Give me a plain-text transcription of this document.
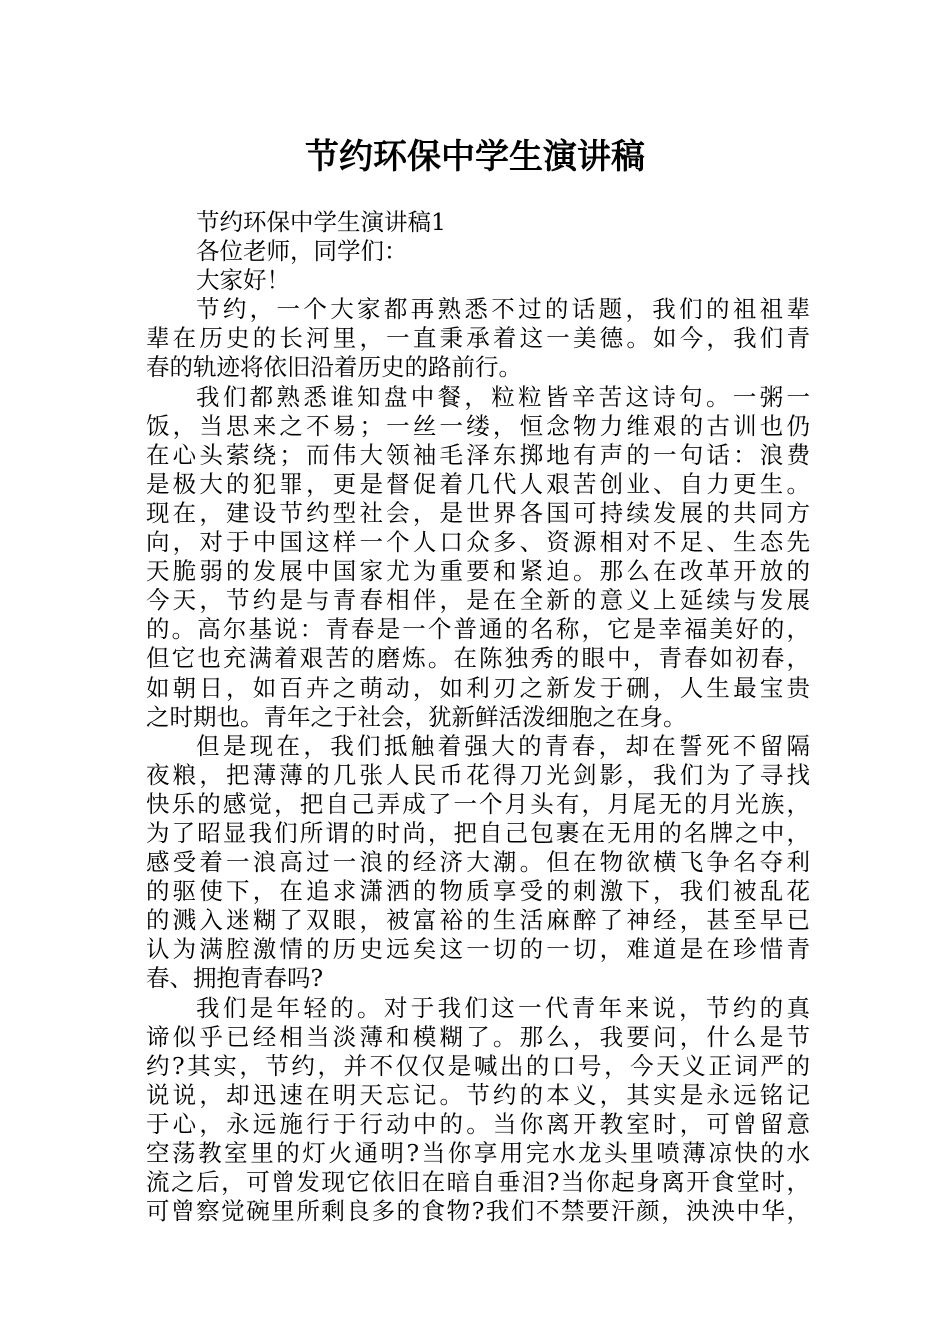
节约环保中学生演讲稿
节约环保中学生演讲稿1
各位老师，同学们：
大家好！
节约，一个大家都再熟悉不过的话题，我们的祖祖辈
辈在历史的长河里，一直秉承着这一美德。如今，我们青
春的轨迹将依旧沿着历史的路前行。
我们都熟悉谁知盘中餐，粒粒皆辛苦这诗句。一粥一
饭，当思来之不易；一丝一缕，恒念物力维艰的古训也仍
在心头萦绕；而伟大领袖毛泽东掷地有声的一句话：浪费
是极大的犯罪，更是督促着几代人艰苦创业、自力更生。
现在，建设节约型社会，是世界各国可持续发展的共同方
向，对于中国这样一个人口众多、资源相对不足、生态先
天脆弱的发展中国家尤为重要和紧迫。那么在改革开放的
今天，节约是与青春相伴，是在全新的意义上延续与发展
的。高尔基说：青春是一个普通的名称，它是幸福美好的，
但它也充满着艰苦的磨炼。在陈独秀的眼中，青春如初春，
如朝日，如百卉之萌动，如利刃之新发于硎，人生最宝贵
之时期也。青年之于社会，犹新鲜活泼细胞之在身。
但是现在，我们抵触着强大的青春，却在誓死不留隔
夜粮，把薄薄的几张人民币花得刀光剑影，我们为了寻找
快乐的感觉，把自己弄成了一个月头有，月尾无的月光族，
为了昭显我们所谓的时尚，把自己包裹在无用的名牌之中，
感受着一浪高过一浪的经济大潮。但在物欲横飞争名夺利
的驱使下，在追求潇洒的物质享受的刺激下，我们被乱花
的溅入迷糊了双眼，被富裕的生活麻醉了神经，甚至早已
认为满腔激情的历史远矣这一切的一切，难道是在珍惜青
春、拥抱青春吗?
我们是年轻的。对于我们这一代青年来说，节约的真
谛似乎已经相当淡薄和模糊了。那么，我要问，什么是节
约?其实，节约，并不仅仅是喊出的口号，今天义正词严的
说说，却迅速在明天忘记。节约的本义，其实是永远铭记
于心，永远施行于行动中的。当你离开教室时，可曾留意
空荡教室里的灯火通明?当你享用完水龙头里喷薄凉快的水
流之后，可曾发现它依旧在暗自垂泪?当你起身离开食堂时，
可曾察觉碗里所剩良多的食物?我们不禁要汗颜，泱泱中华，
